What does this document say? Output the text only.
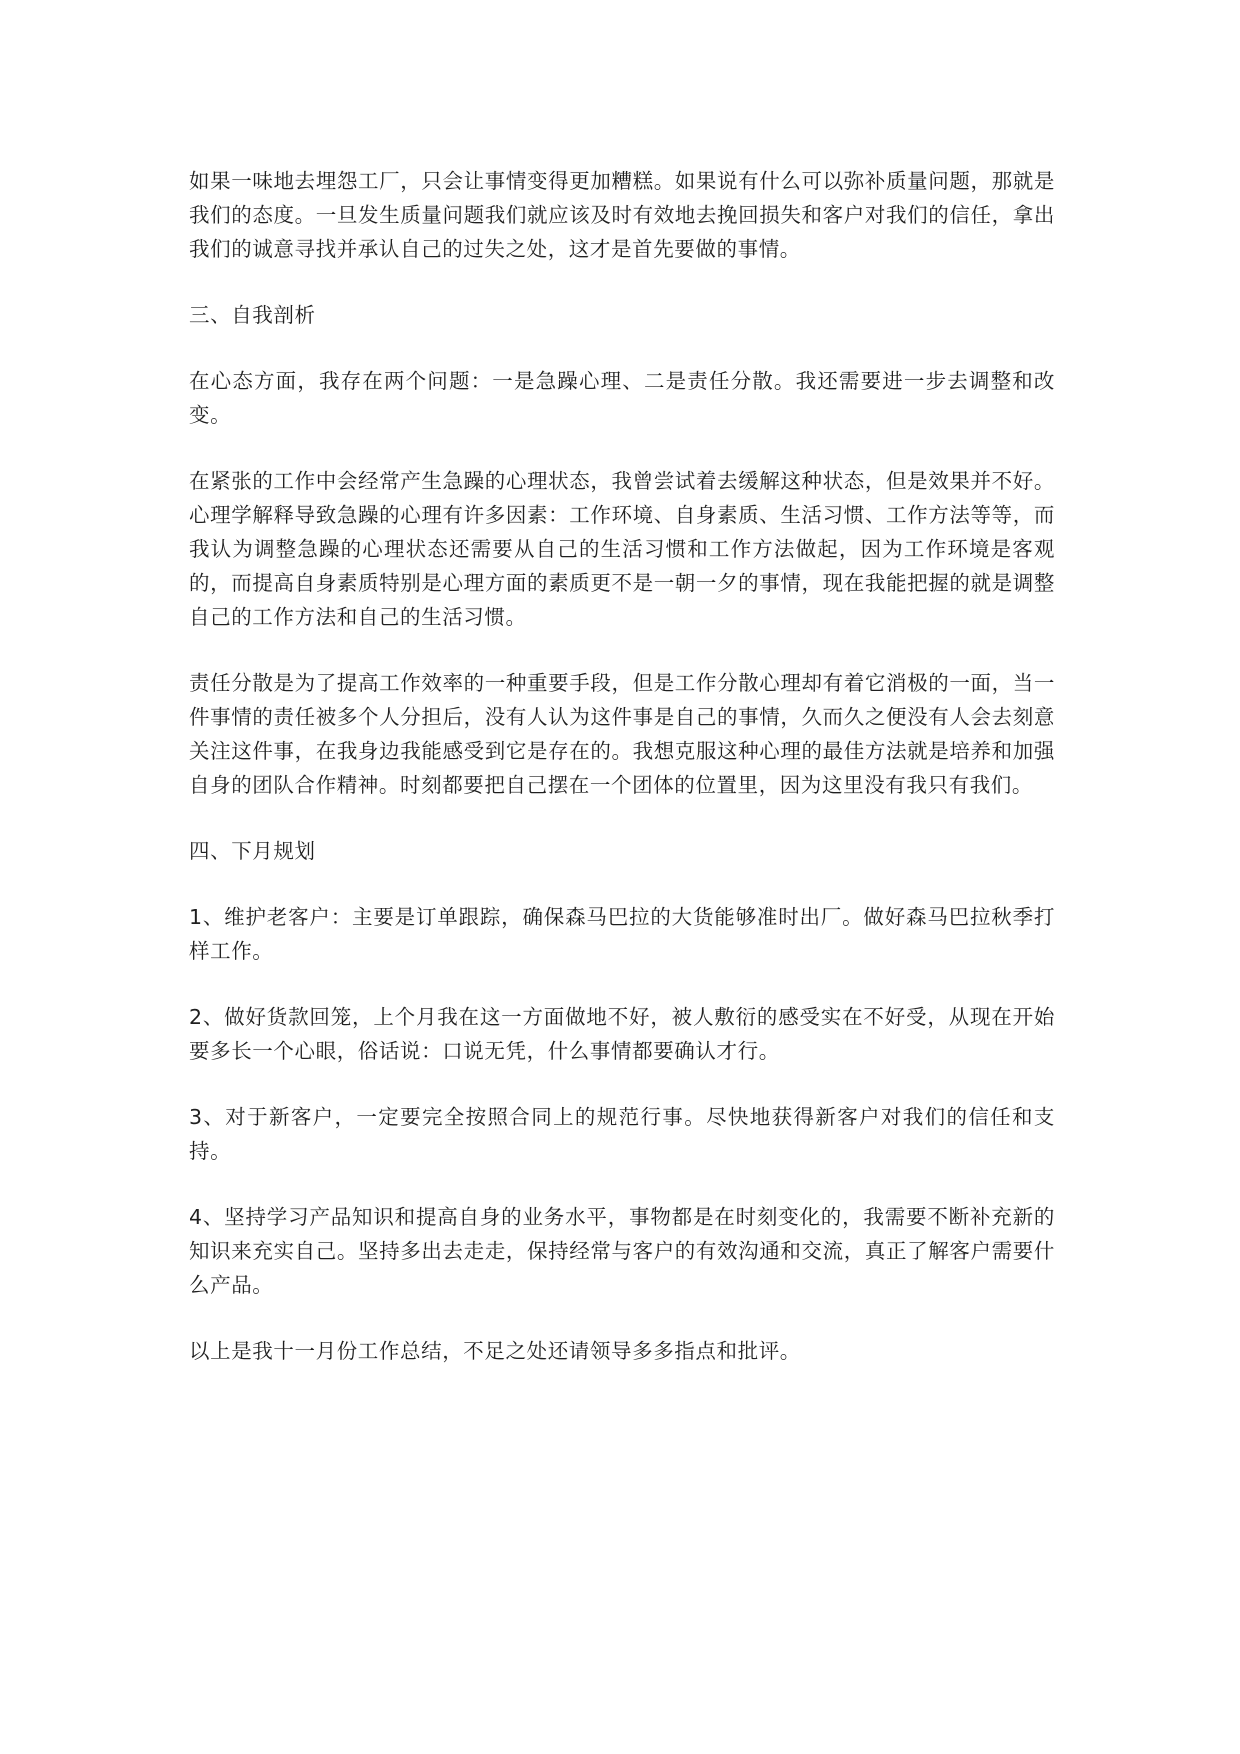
如果一味地去埋怨工厂，只会让事情变得更加糟糕。如果说有什么可以弥补质量问题，那就是我们的态度。一旦发生质量问题我们就应该及时有效地去挽回损失和客户对我们的信任，拿出我们的诚意寻找并承认自己的过失之处，这才是首先要做的事情。

三、自我剖析

在心态方面，我存在两个问题：一是急躁心理、二是责任分散。我还需要进一步去调整和改变。

在紧张的工作中会经常产生急躁的心理状态，我曾尝试着去缓解这种状态，但是效果并不好。心理学解释导致急躁的心理有许多因素：工作环境、自身素质、生活习惯、工作方法等等，而我认为调整急躁的心理状态还需要从自己的生活习惯和工作方法做起，因为工作环境是客观的，而提高自身素质特别是心理方面的素质更不是一朝一夕的事情，现在我能把握的就是调整自己的工作方法和自己的生活习惯。

责任分散是为了提高工作效率的一种重要手段，但是工作分散心理却有着它消极的一面，当一件事情的责任被多个人分担后，没有人认为这件事是自己的事情，久而久之便没有人会去刻意关注这件事，在我身边我能感受到它是存在的。我想克服这种心理的最佳方法就是培养和加强自身的团队合作精神。时刻都要把自己摆在一个团体的位置里，因为这里没有我只有我们。

四、下月规划

1、维护老客户：主要是订单跟踪，确保森马巴拉的大货能够准时出厂。做好森马巴拉秋季打样工作。

2、做好货款回笼，上个月我在这一方面做地不好，被人敷衍的感受实在不好受，从现在开始要多长一个心眼，俗话说：口说无凭，什么事情都要确认才行。

3、对于新客户，一定要完全按照合同上的规范行事。尽快地获得新客户对我们的信任和支持。

4、坚持学习产品知识和提高自身的业务水平，事物都是在时刻变化的，我需要不断补充新的知识来充实自己。坚持多出去走走，保持经常与客户的有效沟通和交流，真正了解客户需要什么产品。

以上是我十一月份工作总结，不足之处还请领导多多指点和批评。
